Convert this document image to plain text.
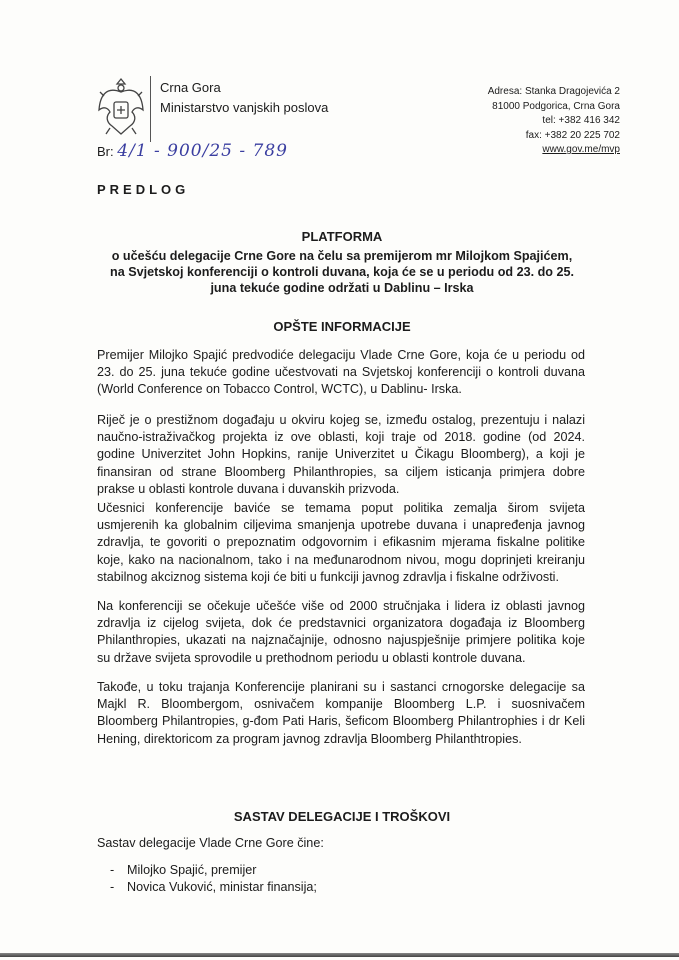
Crna Gora
Ministarstvo vanjskih poslova
Br: 4/1 - 900/25 - 789
Adresa: Stanka Dragojevića 2
81000 Podgorica, Crna Gora
tel: +382 416 342
fax: +382 20 225 702
www.gov.me/mvp
PREDLOG
PLATFORMA
o učešću delegacije Crne Gore na čelu sa premijerom mr Milojkom Spajićem,
na Svjetskoj konferenciji o kontroli duvana, koja će se u periodu od 23. do 25.
juna tekuće godine održati u Dablinu – Irska
OPŠTE INFORMACIJE
Premijer Milojko Spajić predvodiće delegaciju Vlade Crne Gore, koja će u periodu od
23. do 25. juna tekuće godine učestvovati na Svjetskoj konferenciji o kontroli duvana
(World Conference on Tobacco Control, WCTC), u Dablinu- Irska.
Riječ je o prestižnom događaju u okviru kojeg se, između ostalog, prezentuju i nalazi
naučno-istraživačkog projekta iz ove oblasti, koji traje od 2018. godine (od 2024.
godine Univerzitet John Hopkins, ranije Univerzitet u Čikagu Bloomberg), a koji je
finansiran od strane Bloomberg Philanthropies, sa ciljem isticanja primjera dobre
prakse u oblasti kontrole duvana i duvanskih prizvoda.
Učesnici konferencije baviće se temama poput politika zemalja širom svijeta
usmjerenih ka globalnim ciljevima smanjenja upotrebe duvana i unapređenja javnog
zdravlja, te govoriti o prepoznatim odgovornim i efikasnim mjerama fiskalne politike
koje, kako na nacionalnom, tako i na međunarodnom nivou, mogu doprinjeti kreiranju
stabilnog akciznog sistema koji će biti u funkciji javnog zdravlja i fiskalne održivosti.
Na konferenciji se očekuje učešće više od 2000 stručnjaka i lidera iz oblasti javnog
zdravlja iz cijelog svijeta, dok će predstavnici organizatora događaja iz Bloomberg
Philanthropies, ukazati na najznačajnije, odnosno najuspješnije primjere politika koje
su države svijeta sprovodile u prethodnom periodu u oblasti kontrole duvana.
Takođe, u toku trajanja Konferencije planirani su i sastanci crnogorske delegacije sa
Majkl R. Bloombergom, osnivačem kompanije Bloomberg L.P. i suosnivačem
Bloomberg Philantropies, g-đom Pati Haris, šeficom Bloomberg Philantrophies i dr Keli
Hening, direktoricom za program javnog zdravlja Bloomberg Philanthtropies.
SASTAV DELEGACIJE I TROŠKOVI
Sastav delegacije Vlade Crne Gore čine:
- Milojko Spajić, premijer
- Novica Vuković, ministar finansija;
